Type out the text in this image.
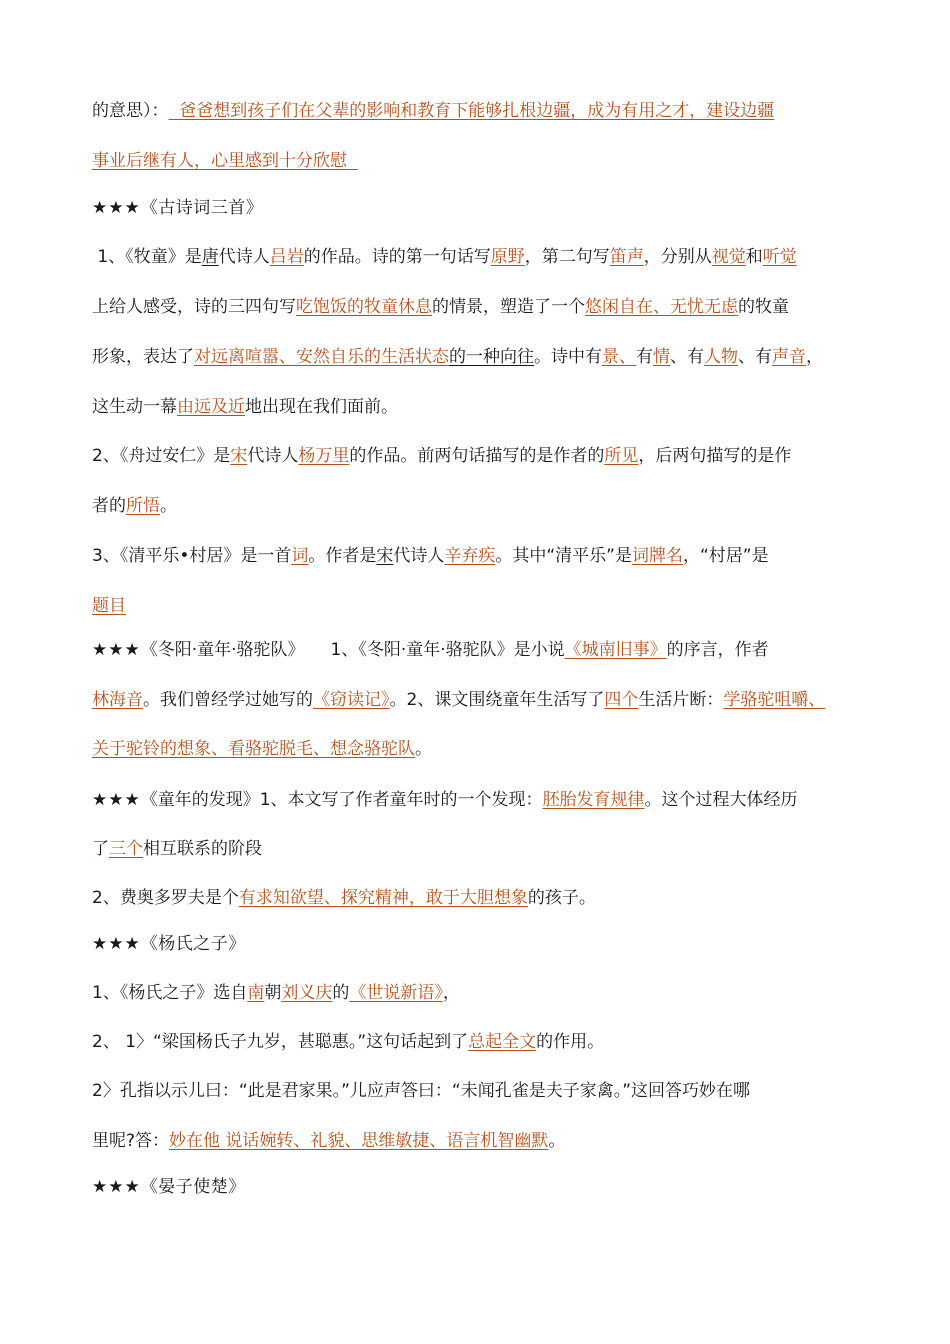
的意思）：  爸爸想到孩子们在父辈的影响和教育下能够扎根边疆，成为有用之才，建设边疆
事业后继有人，心里感到十分欣慰
★★★《古诗词三首》
1、《牧童》是唐代诗人吕岩的作品。诗的第一句话写原野，第二句写笛声，分别从视觉和听觉
上给人感受，诗的三四句写吃饱饭的牧童休息的情景，塑造了一个悠闲自在、无忧无虑的牧童
形象，表达了对远离喧嚣、安然自乐的生活状态的一种向往。诗中有景、有情、有人物、有声音，
这生动一幕由远及近地出现在我们面前。
2、《舟过安仁》是宋代诗人杨万里的作品。前两句话描写的是作者的所见，后两句描写的是作
者的所悟。
3、《清平乐•村居》是一首词。作者是宋代诗人辛弃疾。其中“清平乐”是词牌名，“村居”是
题目
★★★《冬阳·童年·骆驼队》 1、《冬阳·童年·骆驼队》是小说《城南旧事》的序言，作者
林海音。我们曾经学过她写的《窃读记》。2、课文围绕童年生活写了四个生活片断：学骆驼咀嚼、
关于驼铃的想象、看骆驼脱毛、想念骆驼队。
★★★《童年的发现》1、本文写了作者童年时的一个发现：胚胎发育规律。这个过程大体经历
了三个相互联系的阶段
2、费奥多罗夫是个有求知欲望、探究精神，敢于大胆想象的孩子。
★★★《杨氏之子》
1、《杨氏之子》选自南朝刘义庆的《世说新语》，
2、 1〉“梁国杨氏子九岁，甚聪惠。”这句话起到了总起全文的作用。
2〉孔指以示儿曰：“此是君家果。”儿应声答曰：“未闻孔雀是夫子家禽。”这回答巧妙在哪
里呢?答：妙在他 说话婉转、礼貌、思维敏捷、语言机智幽默。
★★★《晏子使楚》
